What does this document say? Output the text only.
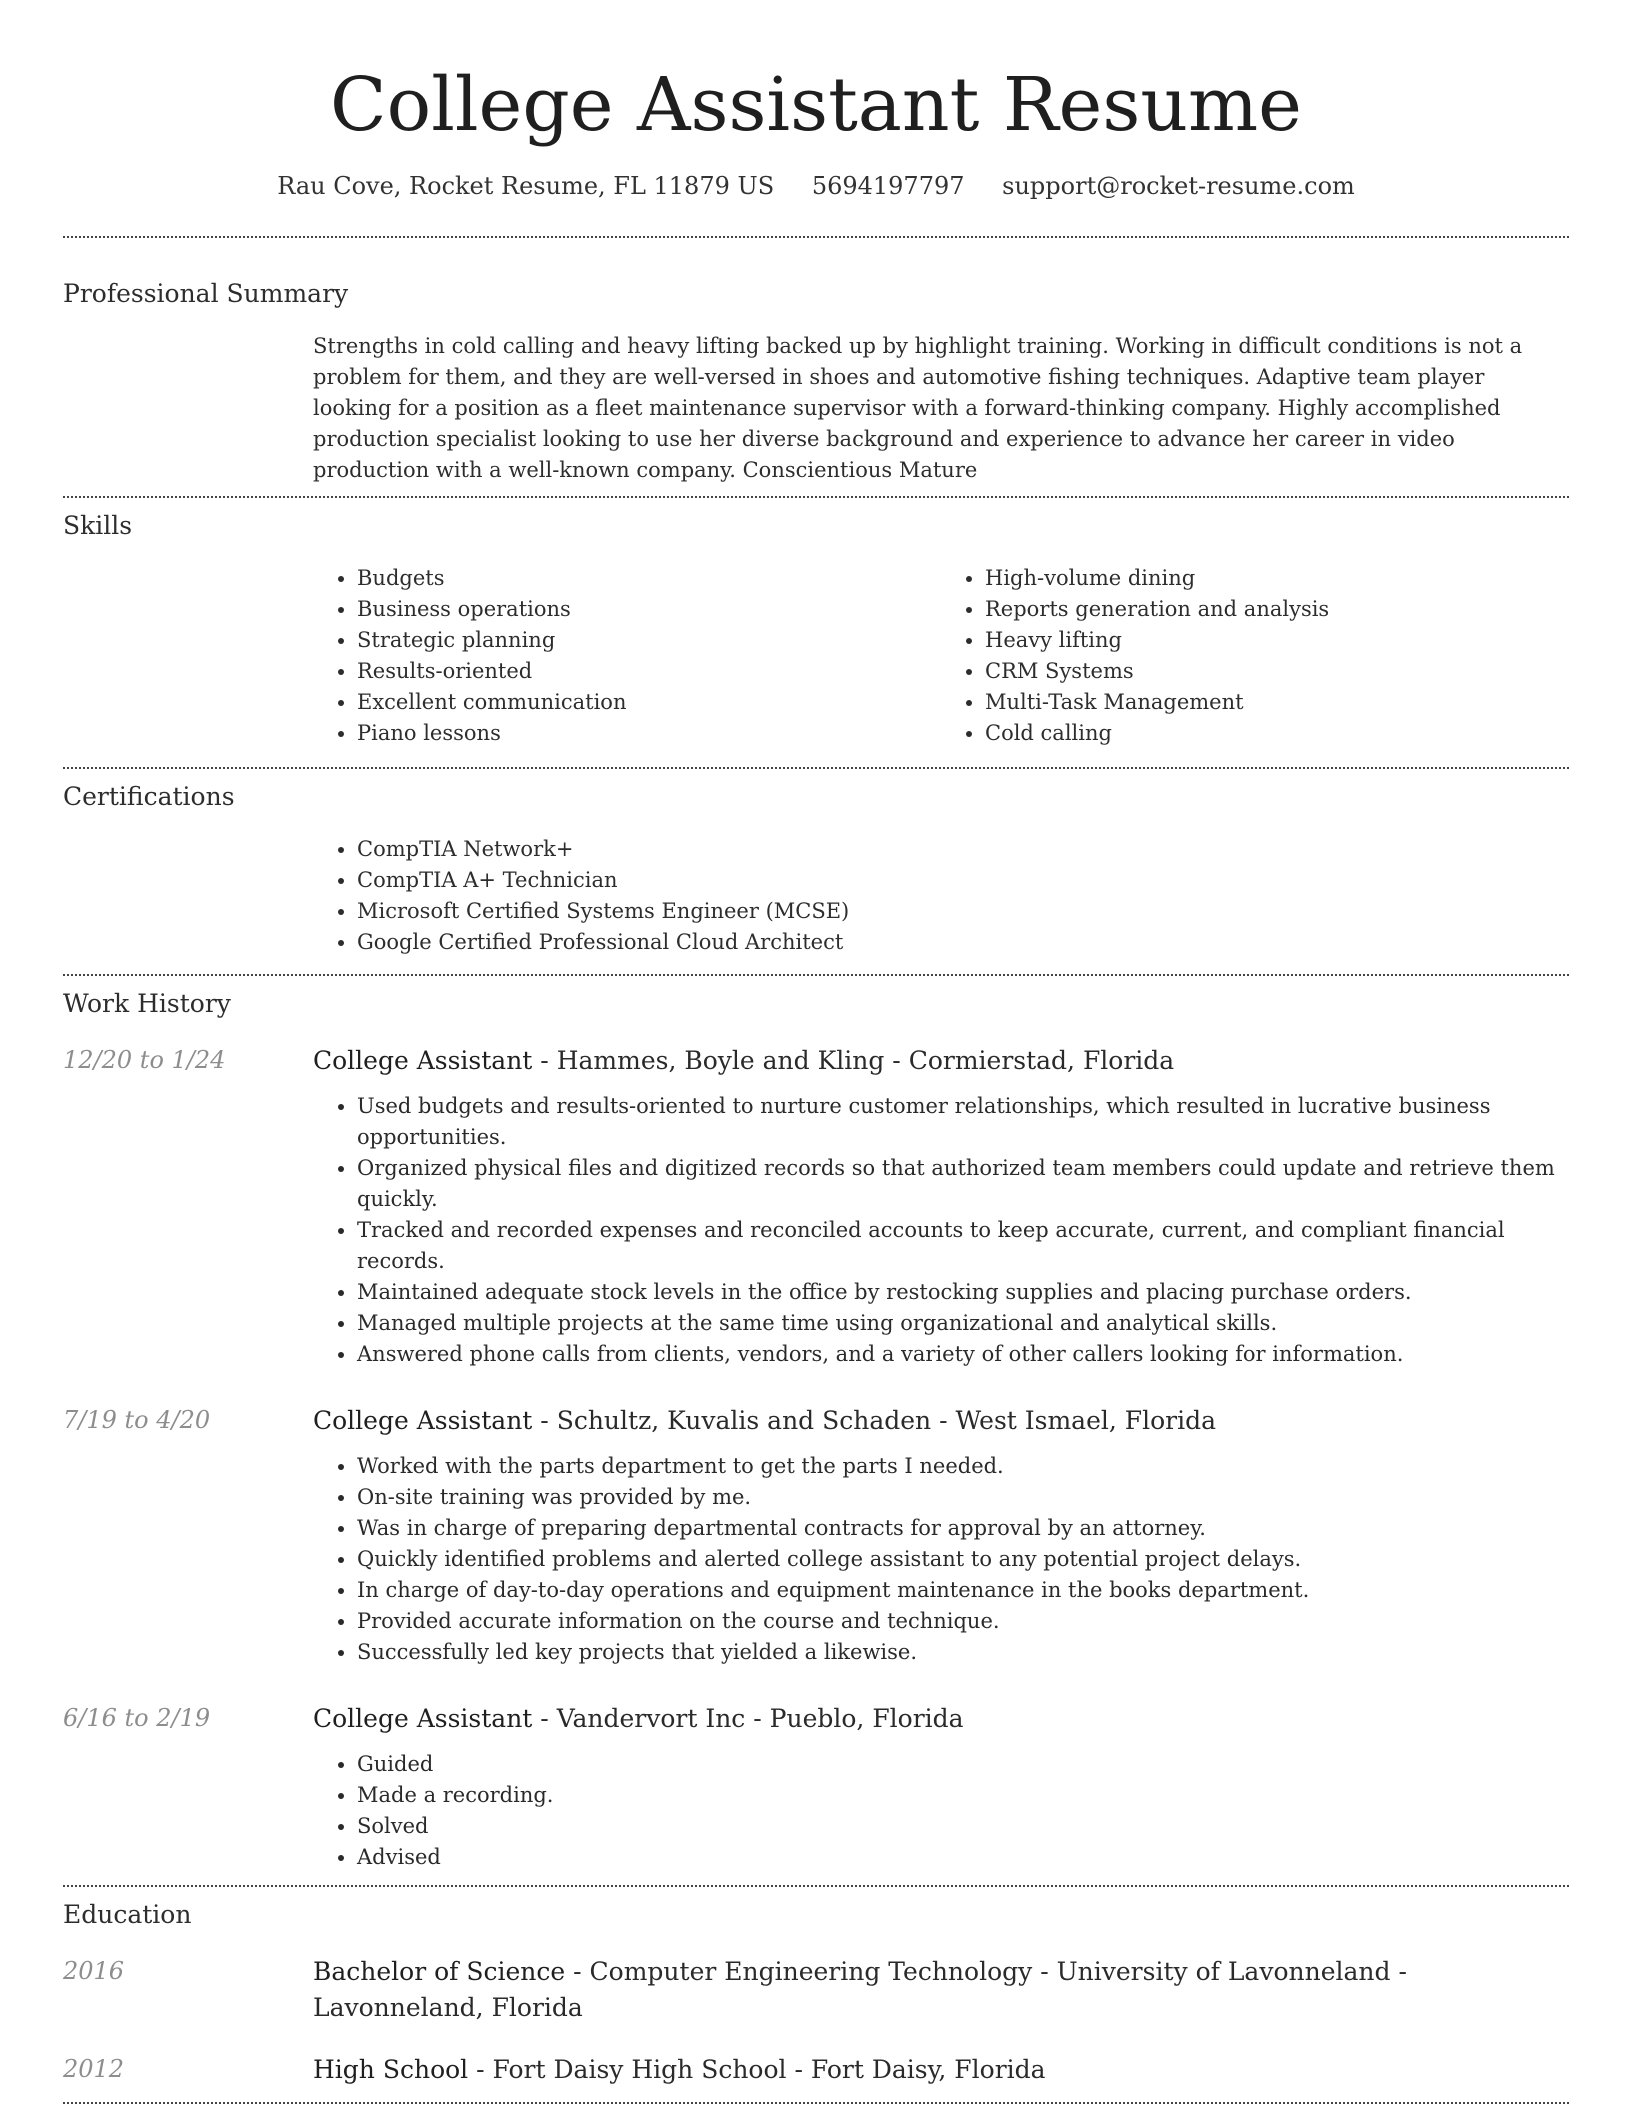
College Assistant Resume
Rau Cove, Rocket Resume, FL 11879 US 5694197797 support@rocket-resume.com
Professional Summary

Strengths in cold calling and heavy lifting backed up by highlight training. Working in difficult conditions is not a problem for them, and they are well-versed in shoes and automotive fishing techniques. Adaptive team player looking for a position as a fleet maintenance supervisor with a forward-thinking company. Highly accomplished production specialist looking to use her diverse background and experience to advance her career in video production with a well-known company. Conscientious Mature

Skills
• Budgets
• Business operations
• Strategic planning
• Results-oriented
• Excellent communication
• Piano lessons
• High-volume dining
• Reports generation and analysis
• Heavy lifting
• CRM Systems
• Multi-Task Management
• Cold calling
Certifications
• CompTIA Network+
• CompTIA A+ Technician
• Microsoft Certified Systems Engineer (MCSE)
• Google Certified Professional Cloud Architect
Work History
12/20 to 1/24	College Assistant - Hammes, Boyle and Kling - Cormierstad, Florida
• Used budgets and results-oriented to nurture customer relationships, which resulted in lucrative business opportunities.
• Organized physical files and digitized records so that authorized team members could update and retrieve them quickly.
• Tracked and recorded expenses and reconciled accounts to keep accurate, current, and compliant financial records.
• Maintained adequate stock levels in the office by restocking supplies and placing purchase orders.
• Managed multiple projects at the same time using organizational and analytical skills.
• Answered phone calls from clients, vendors, and a variety of other callers looking for information.
7/19 to 4/20	College Assistant - Schultz, Kuvalis and Schaden - West Ismael, Florida
• Worked with the parts department to get the parts I needed.
• On-site training was provided by me.
• Was in charge of preparing departmental contracts for approval by an attorney.
• Quickly identified problems and alerted college assistant to any potential project delays.
• In charge of day-to-day operations and equipment maintenance in the books department.
• Provided accurate information on the course and technique.
• Successfully led key projects that yielded a likewise.
6/16 to 2/19	College Assistant - Vandervort Inc - Pueblo, Florida
• Guided
• Made a recording.
• Solved
• Advised
Education
2016	Bachelor of Science - Computer Engineering Technology - University of Lavonneland - Lavonneland, Florida
2012	High School - Fort Daisy High School - Fort Daisy, Florida
